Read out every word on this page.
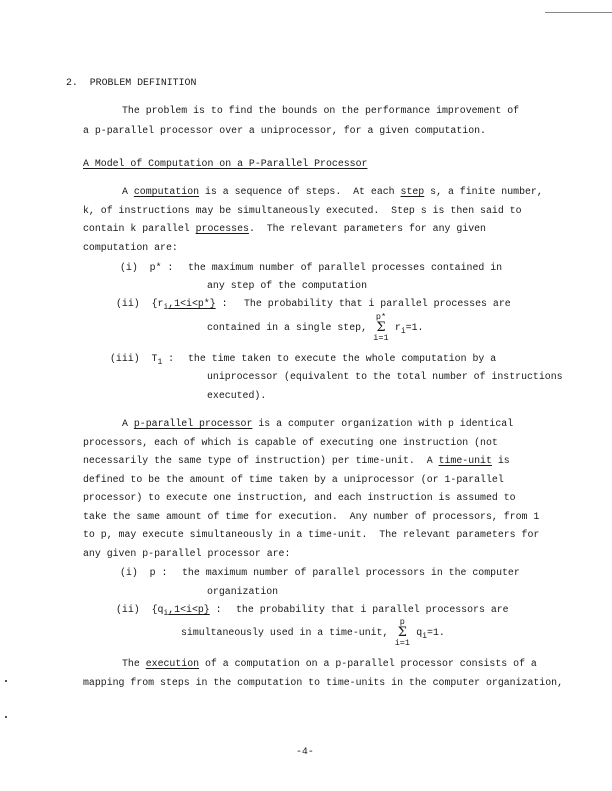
2. PROBLEM DEFINITION
The problem is to find the bounds on the performance improvement of
a p-parallel processor over a uniprocessor, for a given computation.
A Model of Computation on a P-Parallel Processor
A computation is a sequence of steps.  At each step s, a finite number,
k, of instructions may be simultaneously executed.  Step s is then said to
contain k parallel processes.  The relevant parameters for any given
computation are:
(i) p* : the maximum number of parallel processes contained in
any step of the computation
(ii) $\{r_i,1<i<p*\}$ : The probability that i parallel processes are
contained in a single step, Σ
p*
i=1
$r_i=1$.
(iii) $T_1$ : the time taken to execute the whole computation by a
uniprocessor (equivalent to the total number of instructions
executed).
A p-parallel processor is a computer organization with p identical
processors, each of which is capable of executing one instruction (not
necessarily the same type of instruction) per time-unit.  A time-unit is
defined to be the amount of time taken by a uniprocessor (or 1-parallel
processor) to execute one instruction, and each instruction is assumed to
take the same amount of time for execution.  Any number of processors, from 1
to p, may execute simultaneously in a time-unit.  The relevant parameters for
any given p-parallel processor are:
(i) p : the maximum number of parallel processors in the computer
organization
(ii) $\{q_i,1<i<p\}$ : the probability that i parallel processors are
simultaneously used in a time-unit, Σ
p
i=1
$q_i=1$.
The execution of a computation on a p-parallel processor consists of a
mapping from steps in the computation to time-units in the computer organization,
-4-
